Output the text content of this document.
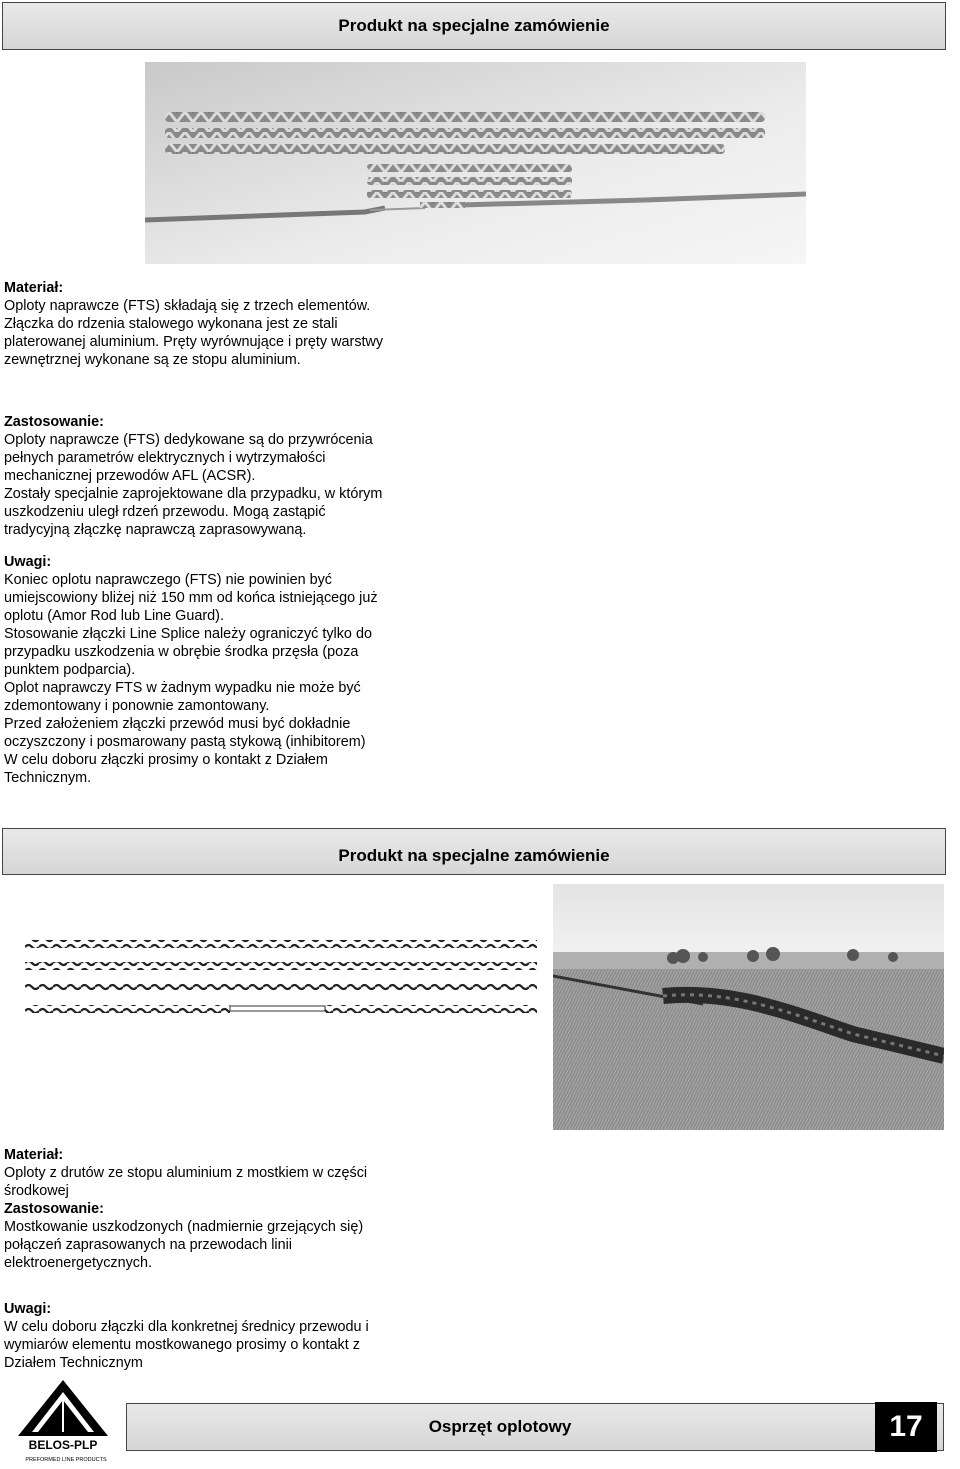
Produkt na specjalne zamówienie
Materiał:

Oploty naprawcze (FTS) składają się z trzech elementów.

Złączka do rdzenia stalowego wykonana jest ze stali

platerowanej aluminium. Pręty wyrównujące i pręty warstwy

zewnętrznej wykonane są ze stopu aluminium.

Zastosowanie:

Oploty naprawcze (FTS) dedykowane są do przywrócenia

pełnych parametrów elektrycznych i wytrzymałości

mechanicznej przewodów AFL (ACSR).

Zostały specjalnie zaprojektowane dla przypadku, w którym

uszkodzeniu uległ rdzeń przewodu. Mogą zastąpić

tradycyjną złączkę naprawczą zaprasowywaną.

Uwagi:

Koniec oplotu naprawczego (FTS) nie powinien być

umiejscowiony bliżej niż 150 mm od końca istniejącego już

oplotu (Amor Rod lub Line Guard).

Stosowanie złączki Line Splice należy ograniczyć tylko do

przypadku uszkodzenia w obrębie środka przęsła (poza

punktem podparcia).

Oplot naprawczy FTS w żadnym wypadku nie może być

zdemontowany i ponownie zamontowany.

Przed założeniem złączki przewód musi być dokładnie

oczyszczony i posmarowany pastą stykową (inhibitorem)

W celu doboru złączki prosimy o kontakt z Działem

Technicznym.

Produkt na specjalne zamówienie
Materiał:

Oploty z drutów ze stopu aluminium z mostkiem w części

środkowej

Zastosowanie:

Mostkowanie uszkodzonych (nadmiernie grzejących się)

połączeń zaprasowanych na przewodach linii

elektroenergetycznych.

Uwagi:

W celu doboru złączki dla konkretnej średnicy przewodu i

wymiarów elementu mostkowanego prosimy o kontakt z

Działem Technicznym

BELOS-PLP
PREFORMED LINE PRODUCTS
Osprzęt oplotowy	17
